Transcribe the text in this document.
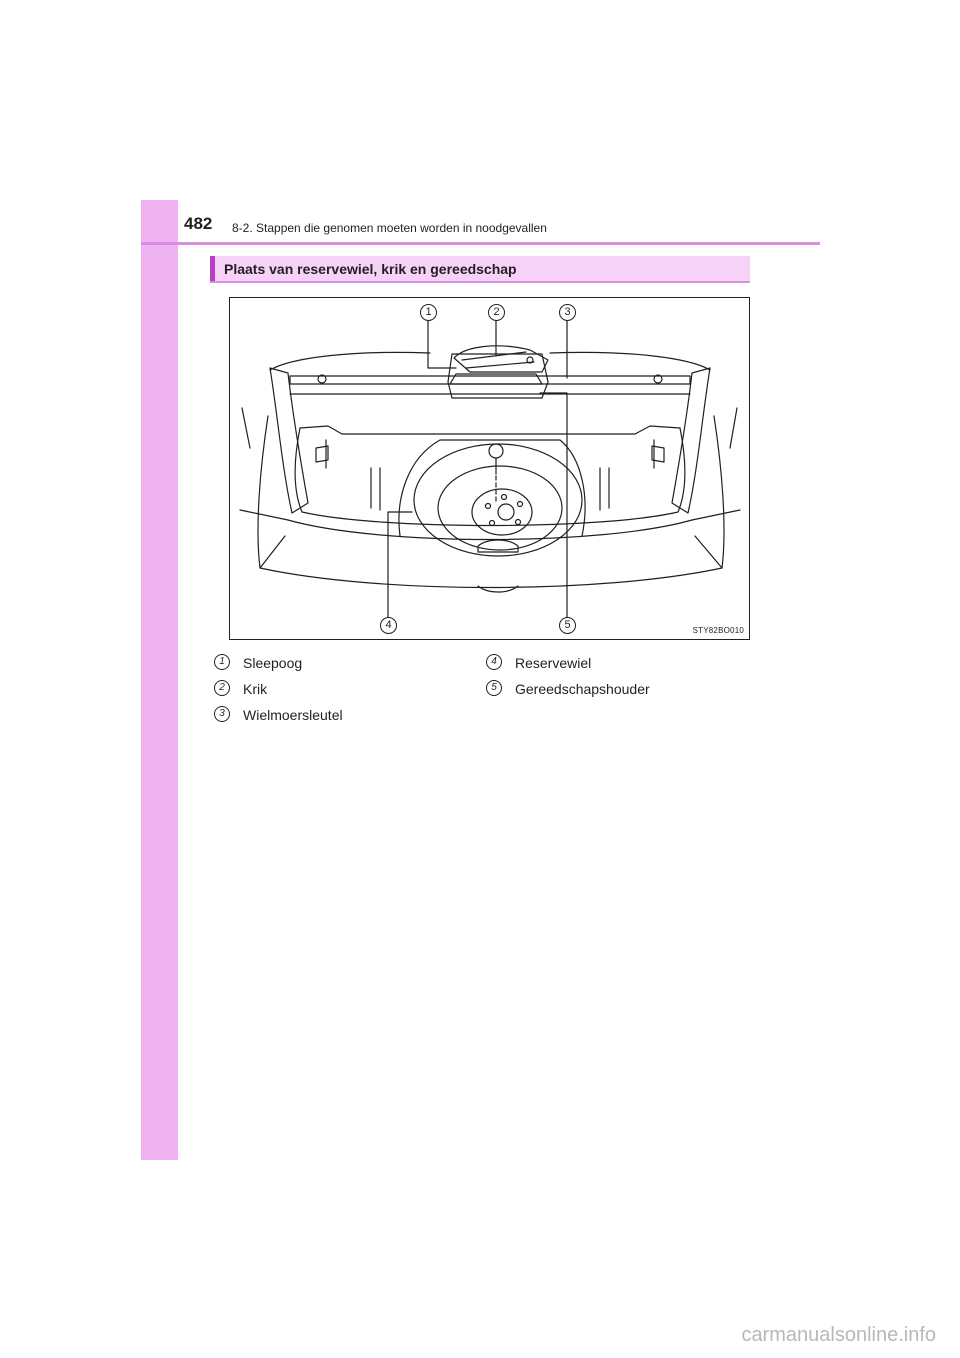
482 8-2. Stappen die genomen moeten worden in noodgevallen
Plaats van reservewiel, krik en gereedschap
1	2	3
4	5	STY82BO010
1	Sleepoog
2	Krik
3	Wielmoersleutel
4	Reservewiel
5	Gereedschapshouder
carmanualsonline.info
